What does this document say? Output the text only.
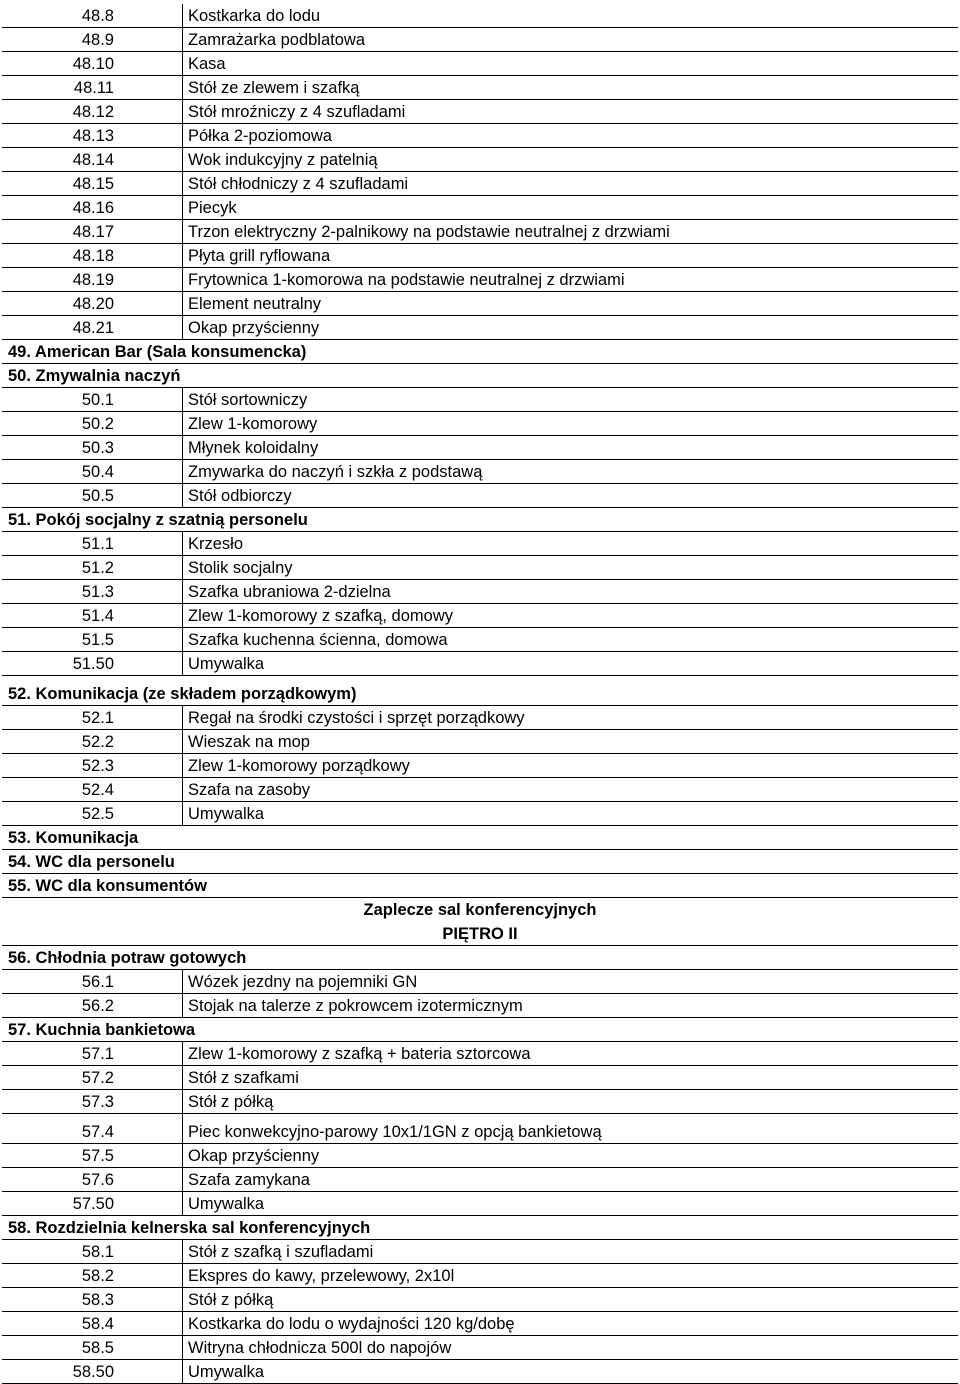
48.8	Kostkarka do lodu
48.9	Zamrażarka podblatowa
48.10	Kasa
48.11	Stół ze zlewem i szafką
48.12	Stół mroźniczy z 4 szufladami
48.13	Półka 2-poziomowa
48.14	Wok indukcyjny z patelnią
48.15	Stół chłodniczy z 4 szufladami
48.16	Piecyk
48.17	Trzon elektryczny 2-palnikowy na podstawie neutralnej z drzwiami
48.18	Płyta grill ryflowana
48.19	Frytownica 1-komorowa na podstawie neutralnej z drzwiami
48.20	Element neutralny
48.21	Okap przyścienny
49. American Bar (Sala konsumencka)
50. Zmywalnia naczyń
50.1	Stół sortowniczy
50.2	Zlew 1-komorowy
50.3	Młynek koloidalny
50.4	Zmywarka do naczyń i szkła z podstawą
50.5	Stół odbiorczy
51. Pokój socjalny z szatnią personelu
51.1	Krzesło
51.2	Stolik socjalny
51.3	Szafka ubraniowa 2-dzielna
51.4	Zlew 1-komorowy z szafką, domowy
51.5	Szafka kuchenna ścienna, domowa
51.50	Umywalka
52. Komunikacja (ze składem porządkowym)
52.1	Regał na środki czystości i sprzęt porządkowy
52.2	Wieszak na mop
52.3	Zlew 1-komorowy porządkowy
52.4	Szafa na zasoby
52.5	Umywalka
53. Komunikacja
54. WC dla personelu
55. WC dla konsumentów
Zaplecze sal konferencyjnych
PIĘTRO II
56. Chłodnia potraw gotowych
56.1	Wózek jezdny na pojemniki GN
56.2	Stojak na talerze z pokrowcem izotermicznym
57. Kuchnia bankietowa
57.1	Zlew 1-komorowy z szafką + bateria sztorcowa
57.2	Stół z szafkami
57.3	Stół z półką
57.4	Piec konwekcyjno-parowy 10x1/1GN z opcją bankietową
57.5	Okap przyścienny
57.6	Szafa zamykana
57.50	Umywalka
58. Rozdzielnia kelnerska sal konferencyjnych
58.1	Stół z szafką i szufladami
58.2	Ekspres do kawy, przelewowy, 2x10l
58.3	Stół z półką
58.4	Kostkarka do lodu o wydajności 120 kg/dobę
58.5	Witryna chłodnicza 500l do napojów
58.50	Umywalka
